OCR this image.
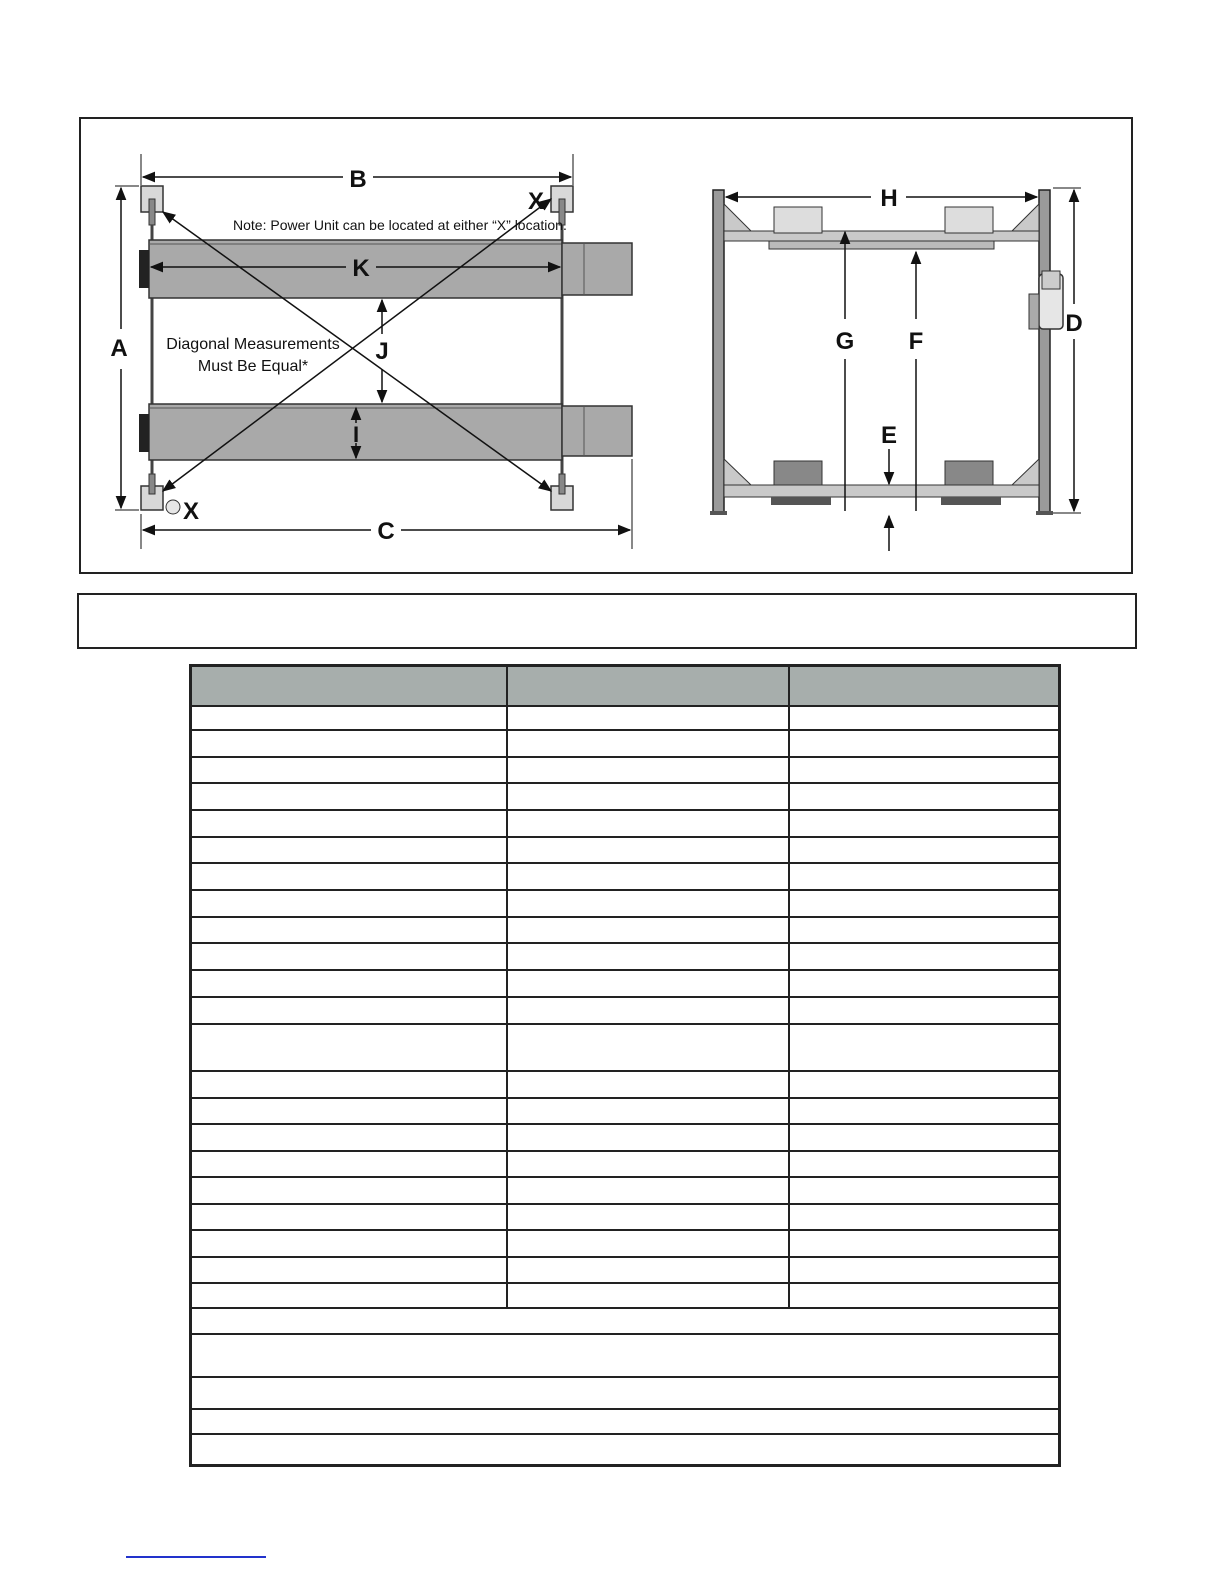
B
A
C
K
J
I
X
X
Note: Power Unit can be located at either “X” location.
Diagonal Measurements
Must Be Equal*
H
D
G F
E
